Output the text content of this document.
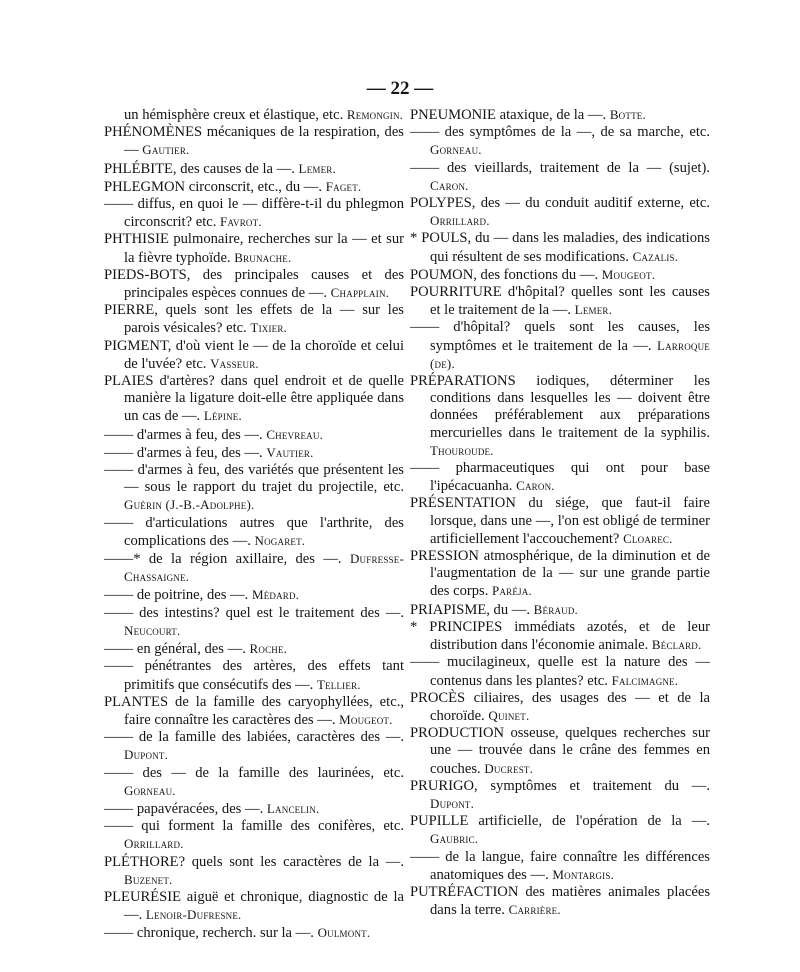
— 22 —
un hémisphère creux et élastique, etc. Remongin.
PHÉNOMÈNES mécaniques de la respiration, des — Gautier.
PHLÉBITE, des causes de la —. Lemer.
PHLEGMON circonscrit, etc., du —. Faget.
—— diffus, en quoi le — diffère-t-il du phlegmon circonscrit? etc. Favrot.
PHTHISIE pulmonaire, recherches sur la — et sur la fièvre typhoïde. Brunache.
PIEDS-BOTS, des principales causes et des principales espèces connues de —. Chapplain.
PIERRE, quels sont les effets de la — sur les parois vésicales? etc. Tixier.
PIGMENT, d'où vient le — de la choroïde et celui de l'uvée? etc. Vasseur.
PLAIES d'artères? dans quel endroit et de quelle manière la ligature doit-elle être appliquée dans un cas de —. Lépine.
—— d'armes à feu, des —. Chevreau.
—— d'armes à feu, des —. Vautier.
—— d'armes à feu, des variétés que présentent les — sous le rapport du trajet du projectile, etc. Guérin (J.-B.-Adolphe).
—— d'articulations autres que l'arthrite, des complications des —. Nogaret.
——* de la région axillaire, des —. Dufresse-Chassaigne.
—— de poitrine, des —. Médard.
—— des intestins? quel est le traitement des —. Neucourt.
—— en général, des —. Roche.
—— pénétrantes des artères, des effets tant primitifs que consécutifs des —. Tellier.
PLANTES de la famille des caryophyllées, etc., faire connaître les caractères des —. Mougeot.
—— de la famille des labiées, caractères des —. Dupont.
—— des — de la famille des laurinées, etc. Gorneau.
—— papavéracées, des —. Lancelin.
—— qui forment la famille des conifères, etc. Orrillard.
PLÉTHORE? quels sont les caractères de la —. Buzenet.
PLEURÉSIE aiguë et chronique, diagnostic de la —. Lenoir-Dufresne.
—— chronique, recherch. sur la —. Oulmont.
PNEUMONIE ataxique, de la —. Botte.
—— des symptômes de la —, de sa marche, etc. Gorneau.
—— des vieillards, traitement de la — (sujet). Caron.
POLYPES, des — du conduit auditif externe, etc. Orrillard.
* POULS, du — dans les maladies, des indications qui résultent de ses modifications. Cazalis.
POUMON, des fonctions du —. Mougeot.
POURRITURE d'hôpital? quelles sont les causes et le traitement de la —. Lemer.
—— d'hôpital? quels sont les causes, les symptômes et le traitement de la —. Larroque (de).
PRÉPARATIONS iodiques, déterminer les conditions dans lesquelles les — doivent être données préférablement aux préparations mercurielles dans le traitement de la syphilis. Thouroude.
—— pharmaceutiques qui ont pour base l'ipécacuanha. Caron.
PRÉSENTATION du siége, que faut-il faire lorsque, dans une —, l'on est obligé de terminer artificiellement l'accouchement? Cloarec.
PRESSION atmosphérique, de la diminution et de l'augmentation de la — sur une grande partie des corps. Paréja.
PRIAPISME, du —. Béraud.
* PRINCIPES immédiats azotés, et de leur distribution dans l'économie animale. Béclard.
—— mucilagineux, quelle est la nature des — contenus dans les plantes? etc. Falcimagne.
PROCÈS ciliaires, des usages des — et de la choroïde. Quinet.
PRODUCTION osseuse, quelques recherches sur une — trouvée dans le crâne des femmes en couches. Ducrest.
PRURIGO, symptômes et traitement du —. Dupont.
PUPILLE artificielle, de l'opération de la —. Gaubric.
—— de la langue, faire connaître les différences anatomiques des —. Montargis.
PUTRÉFACTION des matières animales placées dans la terre. Carrière.
